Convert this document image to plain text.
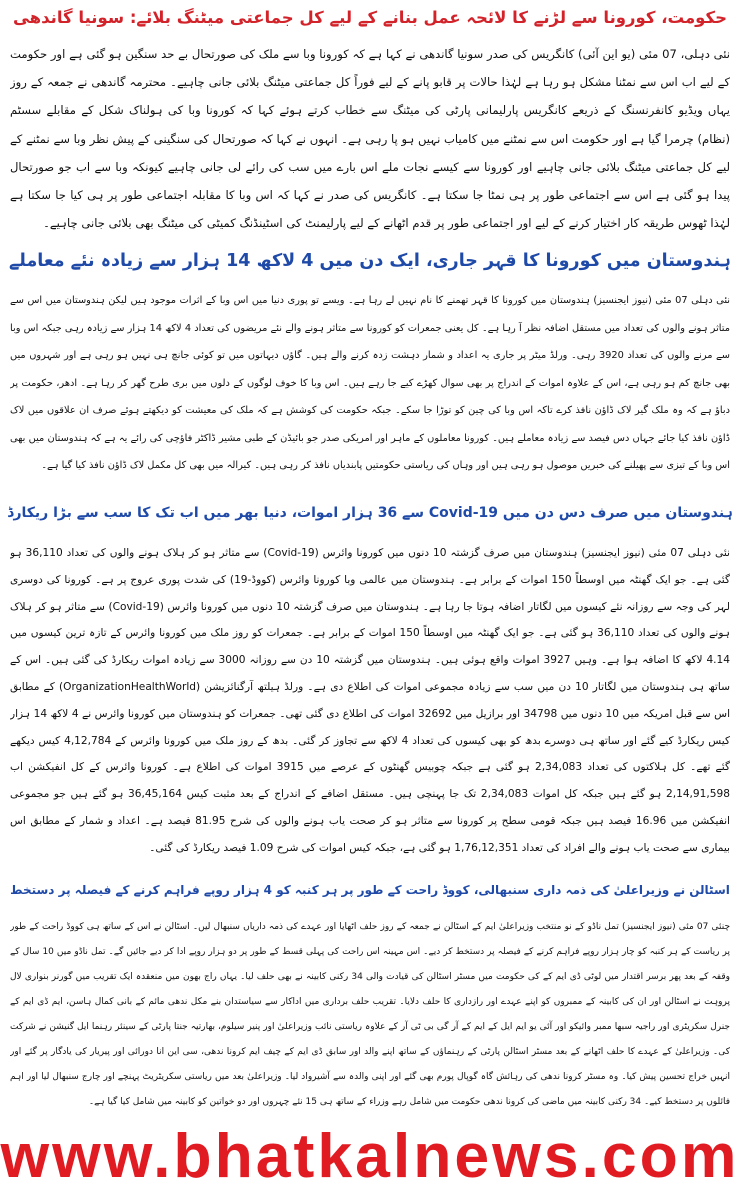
حکومت، کورونا سے لڑنے کا لائحہ عمل بنانے کے لیے کل جماعتی میٹنگ بلائے: سونیا گاندھی

نئی دہلی، 07 مئی (یو این آئی) کانگریس کی صدر سونیا گاندھی نے کہا ہے کہ کورونا وبا سے ملک کی صورتحال بے حد سنگین ہو گئی ہے اور حکومت کے لیے اب اس سے نمٹنا مشکل ہو رہا ہے لہٰذا حالات پر قابو پانے کے لیے فوراً کل جماعتی میٹنگ بلائی جانی چاہیے۔ محترمہ گاندھی نے جمعہ کے روز یہاں ویڈیو کانفرنسنگ کے ذریعے کانگریس پارلیمانی پارٹی کی میٹنگ سے خطاب کرتے ہوئے کہا کہ کورونا وبا کی ہولناک شکل کے مقابلے سسٹم (نظام) چرمرا گیا ہے اور حکومت اس سے نمٹنے میں کامیاب نہیں ہو پا رہی ہے۔ انہوں نے کہا کہ صورتحال کی سنگینی کے پیش نظر وبا سے نمٹنے کے لیے کل جماعتی میٹنگ بلائی جانی چاہیے اور کورونا سے کیسے نجات ملے اس بارے میں سب کی رائے لی جانی چاہیے کیونکہ وبا سے اب جو صورتحال پیدا ہو گئی ہے اس سے اجتماعی طور پر ہی نمٹا جا سکتا ہے۔ کانگریس کی صدر نے کہا کہ اس وبا کا مقابلہ اجتماعی طور پر ہی کیا جا سکتا ہے لہٰذا ٹھوس طریقہ کار اختیار کرنے کے لیے اور اجتماعی طور پر قدم اٹھانے کے لیے پارلیمنٹ کی اسٹینڈنگ کمیٹی کی میٹنگ بھی بلائی جانی چاہیے۔

ہندوستان میں کورونا کا قہر جاری، ایک دن میں 4 لاکھ 14 ہزار سے زیادہ نئے معاملے

نئی دہلی 07 مئی (نیوز ایجنسیز) ہندوستان میں کورونا کا قہر تھمنے کا نام نہیں لے رہا ہے۔ ویسے تو پوری دنیا میں اس وبا کے اثرات موجود ہیں لیکن ہندوستان میں اس سے متاثر ہونے والوں کی تعداد میں مستقل اضافہ نظر آ رہا ہے۔ کل یعنی جمعرات کو کورونا سے متاثر ہونے والے نئے مریضوں کی تعداد 4 لاکھ 14 ہزار سے زیادہ رہی جبکہ اس وبا سے مرنے والوں کی تعداد 3920 رہی۔ ورلڈ میٹر پر جاری یہ اعداد و شمار دہشت زدہ کرنے والے ہیں۔ گاؤں دیہاتوں میں تو کوئی جانچ ہی نہیں ہو رہی ہے اور شہروں میں بھی جانچ کم ہو رہی ہے، اس کے علاوہ اموات کے اندراج پر بھی سوال کھڑے کیے جا رہے ہیں۔ اس وبا کا خوف لوگوں کے دلوں میں بری طرح گھر کر رہا ہے۔ ادھر، حکومت پر دباؤ ہے کہ وہ ملک گیر لاک ڈاؤن نافذ کرے تاکہ اس وبا کی چین کو توڑا جا سکے۔ جبکہ حکومت کی کوشش ہے کہ ملک کی معیشت کو دیکھتے ہوئے صرف ان علاقوں میں لاک ڈاؤن نافذ کیا جائے جہاں دس فیصد سے زیادہ معاملے ہیں۔ کورونا معاملوں کے ماہر اور امریکی صدر جو بائیڈن کے طبی مشیر ڈاکٹر فاؤچی کی رائے یہ ہے کہ ہندوستان میں بھی اس وبا کے تیزی سے پھیلنے کی خبریں موصول ہو رہی ہیں اور وہاں کی ریاستی حکومتیں پابندیاں نافذ کر رہی ہیں۔ کیرالہ میں بھی کل مکمل لاک ڈاؤن نافذ کیا گیا ہے۔

ہندوستان میں صرف دس دن میں Covid-19 سے 36 ہزار اموات، دنیا بھر میں اب تک کا سب سے بڑا ریکارڈ

نئی دہلی 07 مئی (نیوز ایجنسیز) ہندوستان میں صرف گزشتہ 10 دنوں میں کورونا وائرس (Covid-19) سے متاثر ہو کر ہلاک ہونے والوں کی تعداد 36,110 ہو گئی ہے۔ جو ایک گھنٹہ میں اوسطاً 150 اموات کے برابر ہے۔ ہندوستان میں عالمی وبا کورونا وائرس (کووڈ-19) کی شدت پوری عروج پر ہے۔ کورونا کی دوسری لہر کی وجہ سے روزانہ نئے کیسوں میں لگاتار اضافہ ہوتا جا رہا ہے۔ ہندوستان میں صرف گزشتہ 10 دنوں میں کورونا وائرس (Covid-19) سے متاثر ہو کر ہلاک ہونے والوں کی تعداد 36,110 ہو گئی ہے۔ جو ایک گھنٹہ میں اوسطاً 150 اموات کے برابر ہے۔ جمعرات کو روز ملک میں کورونا وائرس کے تازہ ترین کیسوں میں 4.14 لاکھ کا اضافہ ہوا ہے۔ وہیں 3927 اموات واقع ہوئی ہیں۔ ہندوستان میں گزشتہ 10 دن سے روزانہ 3000 سے زیادہ اموات ریکارڈ کی گئی ہیں۔ اس کے ساتھ ہی ہندوستان میں لگاتار 10 دن میں سب سے زیادہ مجموعی اموات کی اطلاع دی ہے۔ ورلڈ ہیلتھ آرگنائزیشن (OrganizationHealthWorld) کے مطابق اس سے قبل امریکہ میں 10 دنوں میں 34798 اور برازیل میں 32692 اموات کی اطلاع دی گئی تھی۔ جمعرات کو ہندوستان میں کورونا وائرس نے 4 لاکھ 14 ہزار کیس ریکارڈ کیے گئے اور ساتھ ہی دوسرے بدھ کو بھی کیسوں کی تعداد 4 لاکھ سے تجاوز کر گئی۔ بدھ کے روز ملک میں کورونا وائرس کے 4,12,784 کیس دیکھے گئے تھے۔ کل ہلاکتوں کی تعداد 2,34,083 ہو گئی ہے جبکہ چوبیس گھنٹوں کے عرصے میں 3915 اموات کی اطلاع ہے۔ کورونا وائرس کے کل انفیکشن اب 2,14,91,598 ہو گئے ہیں جبکہ کل اموات 2,34,083 تک جا پہنچی ہیں۔ مستقل اضافے کے اندراج کے بعد مثبت کیس 36,45,164 ہو گئے ہیں جو مجموعی انفیکشن میں 16.96 فیصد ہیں جبکہ قومی سطح پر کورونا سے متاثر ہو کر صحت یاب ہونے والوں کی شرح 81.95 فیصد ہے۔ اعداد و شمار کے مطابق اس بیماری سے صحت یاب ہونے والے افراد کی تعداد 1,76,12,351 ہو گئی ہے، جبکہ کیس اموات کی شرح 1.09 فیصد ریکارڈ کی گئی۔

اسٹالن نے وزیراعلیٰ کی ذمہ داری سنبھالی، کووڈ راحت کے طور پر ہر کنبہ کو 4 ہزار روپے فراہم کرنے کے فیصلہ پر دستخط

چنئی 07 مئی (نیوز ایجنسیز) تمل ناڈو کے نو منتخب وزیراعلیٰ ایم کے اسٹالن نے جمعہ کے روز حلف اٹھایا اور عہدے کی ذمہ داریاں سنبھال لیں۔ اسٹالن نے اس کے ساتھ ہی کووڈ راحت کے طور پر ریاست کے ہر کنبہ کو چار ہزار روپے فراہم کرنے کے فیصلہ پر دستخط کر دیے۔ اس مہینہ اس راحت کی پہلی قسط کے طور پر دو ہزار روپے ادا کر دیے جائیں گے۔ تمل ناڈو میں 10 سال کے وقفہ کے بعد پھر برسر اقتدار میں لوٹی ڈی ایم کے کی حکومت میں مسٹر اسٹالن کی قیادت والی 34 رکنی کابینہ نے بھی حلف لیا۔ یہاں راج بھون میں منعقدہ ایک تقریب میں گورنر بنواری لال پروہت نے اسٹالن اور ان کی کابینہ کے ممبروں کو اپنے عہدے اور رازداری کا حلف دلایا۔ تقریب حلف برداری میں اداکار سے سیاستدان بنے مکل ندھی مائم کے بانی کمال ہاسن، ایم ڈی ایم کے جنرل سکریٹری اور راجیہ سبھا ممبر وائیکو اور آئی یو ایم ایل کے ایم کے آر گی بی ٹی آر کے علاوہ ریاستی نائب وزیراعلیٰ اور پنیر سیلوم، بھارتیہ جنتا پارٹی کے سینئر رہنما ایل گنیشن نے شرکت کی۔ وزیراعلیٰ کے عہدے کا حلف اٹھانے کے بعد مسٹر اسٹالن پارٹی کے رہنماؤں کے ساتھ اپنے والد اور سابق ڈی ایم کے چیف ایم کرونا ندھی، سی این انا دورائی اور پیریار کی یادگار پر گئے اور انہیں خراج تحسین پیش کیا۔ وہ مسٹر کرونا ندھی کی رہائش گاہ گوپال پورم بھی گئے اور اپنی والدہ سے آشیرواد لیا۔ وزیراعلیٰ بعد میں ریاستی سکریٹریٹ پہنچے اور چارج سنبھال لیا اور اہم فائلوں پر دستخط کیے۔ 34 رکنی کابینہ میں ماضی کی کرونا ندھی حکومت میں شامل رہے وزراء کے ساتھ ہی 15 نئے چہروں اور دو خواتین کو کابینہ میں شامل کیا گیا ہے۔

www.bhatkalnews.com
